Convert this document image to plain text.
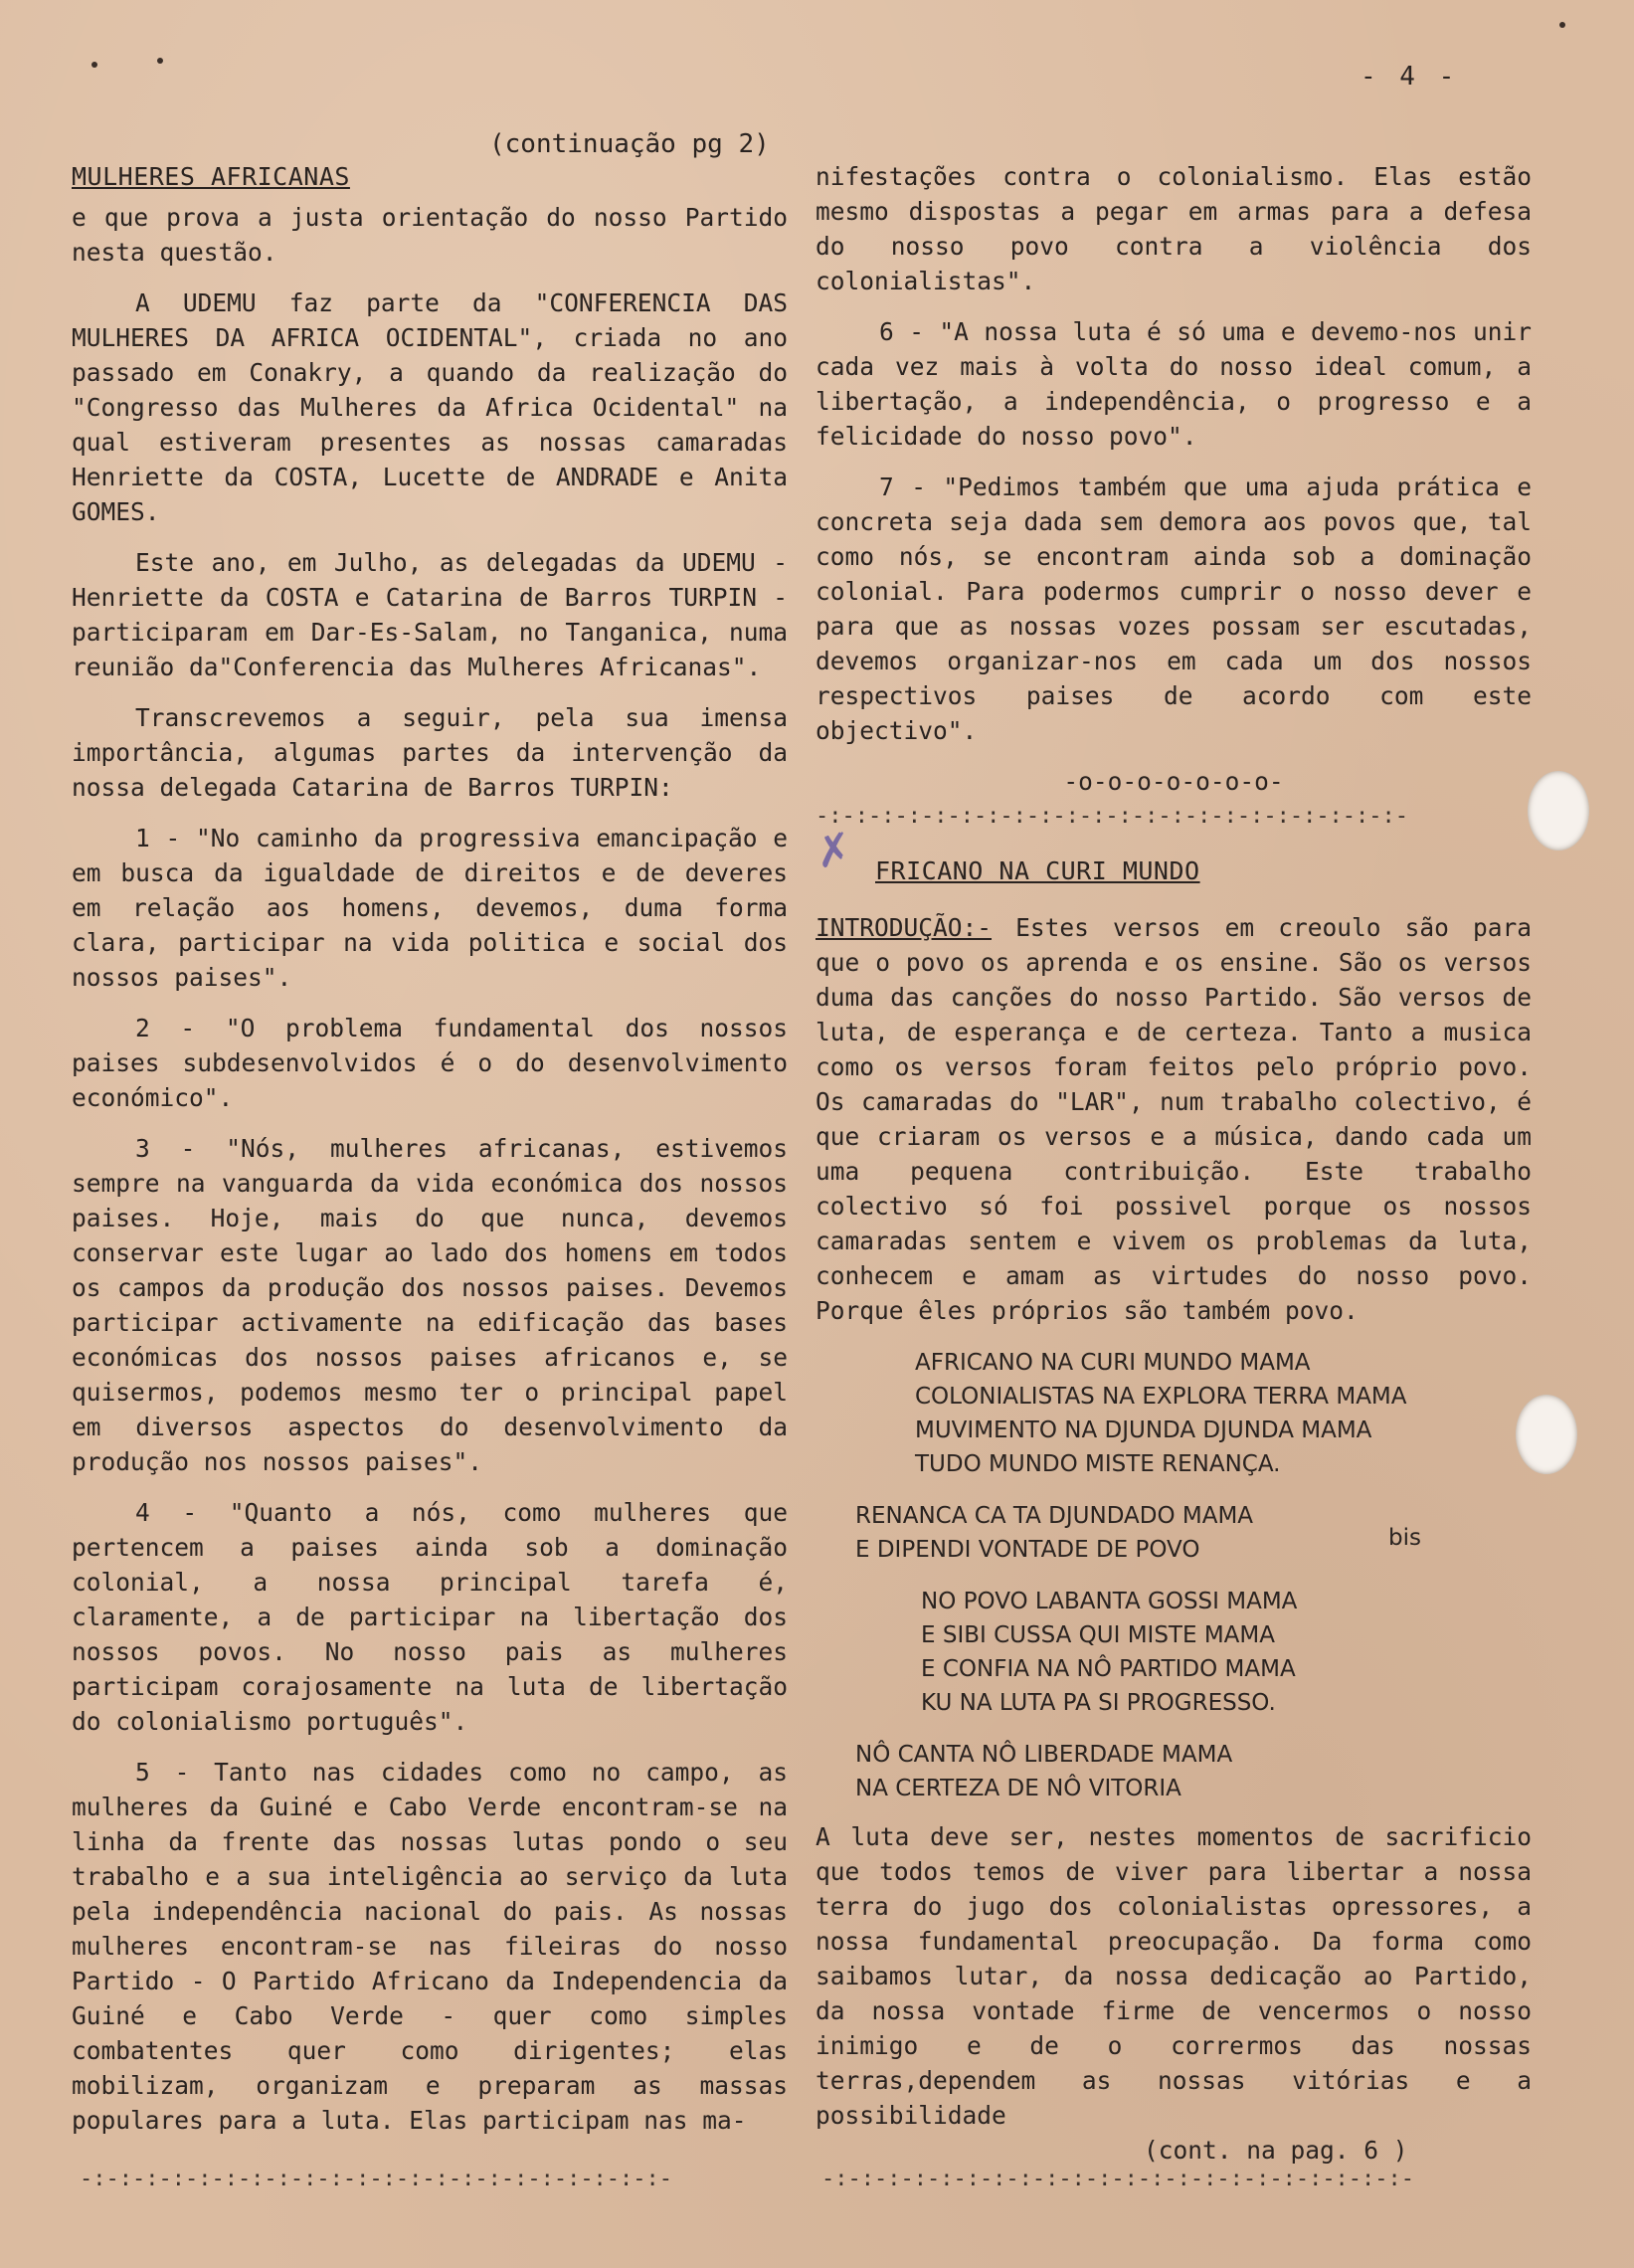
- 4 -
(continuação pg 2)
MULHERES AFRICANAS

e que prova a justa orientação do nosso Partido nesta questão.

A UDEMU faz parte da "CONFERENCIA DAS MULHERES DA AFRICA OCIDENTAL", criada no ano passado em Conakry, a quando da realização do "Congresso das Mulheres da Africa Ocidental" na qual estiveram presentes as nossas camaradas Henriette da COSTA, Lucette de ANDRADE e Anita GOMES.

Este ano, em Julho, as delegadas da UDEMU - Henriette da COSTA e Catarina de Barros TURPIN - participaram em Dar-Es-Salam, no Tanganica, numa reunião da"Conferencia das Mulheres Africanas".

Transcrevemos a seguir, pela sua imensa importância, algumas partes da intervenção da nossa delegada Catarina de Barros TURPIN:

1 - "No caminho da progressiva emancipação e em busca da igualdade de direitos e de deveres em relação aos homens, devemos, duma forma clara, participar na vida politica e social dos nossos paises".

2 - "O problema fundamental dos nossos paises subdesenvolvidos é o do desenvolvimento económico".

3 - "Nós, mulheres africanas, estivemos sempre na vanguarda da vida económica dos nossos paises. Hoje, mais do que nunca, devemos conservar este lugar ao lado dos homens em todos os campos da produção dos nossos paises. Devemos participar activamente na edificação das bases económicas dos nossos paises africanos e, se quisermos, podemos mesmo ter o principal papel em diversos aspectos do desenvolvimento da produção nos nossos paises".

4 - "Quanto a nós, como mulheres que pertencem a paises ainda sob a dominação colonial, a nossa principal tarefa é, claramente, a de participar na libertação dos nossos povos. No nosso pais as mulheres participam corajosamente na luta de libertação do colonialismo português".

5 - Tanto nas cidades como no campo, as mulheres da Guiné e Cabo Verde encontram-se na linha da frente das nossas lutas pondo o seu trabalho e a sua inteligência ao serviço da luta pela independência nacional do pais. As nossas mulheres encontram-se nas fileiras do nosso Partido - O Partido Africano da Independencia da Guiné e Cabo Verde - quer como simples combatentes quer como dirigentes; elas mobilizam, organizam e preparam as massas populares para a luta. Elas participam nas ma-

-:-:-:-:-:-:-:-:-:-:-:-:-:-:-:-:-:-:-:-:-:-:-

nifestações contra o colonialismo. Elas estão mesmo dispostas a pegar em armas para a defesa do nosso povo contra a violência dos colonialistas".

6 - "A nossa luta é só uma e devemo-nos unir cada vez mais à volta do nosso ideal comum, a libertação, a independência, o progresso e a felicidade do nosso povo".

7 - "Pedimos também que uma ajuda prática e concreta seja dada sem demora aos povos que, tal como nós, se encontram ainda sob a dominação colonial. Para podermos cumprir o nosso dever e para que as nossas vozes possam ser escutadas, devemos organizar-nos em cada um dos nossos respectivos paises de acordo com este objectivo".

-o-o-o-o-o-o-o-
-:-:-:-:-:-:-:-:-:-:-:-:-:-:-:-:-:-:-:-:-:-:-
FRICANO NA CURI MUNDO

INTRODUÇÃO:- Estes versos em creoulo são para que o povo os aprenda e os ensine. São os versos duma das canções do nosso Partido. São versos de luta, de esperança e de certeza. Tanto a musica como os versos foram feitos pelo próprio povo. Os camaradas do "LAR", num trabalho colectivo, é que criaram os versos e a música, dando cada um uma pequena contribuição. Este trabalho colectivo só foi possivel porque os nossos camaradas sentem e vivem os problemas da luta, conhecem e amam as virtudes do nosso povo. Porque êles próprios são também povo.

AFRICANO NA CURI MUNDO MAMA
COLONIALISTAS NA EXPLORA TERRA MAMA
MUVIMENTO NA DJUNDA DJUNDA MAMA
TUDO MUNDO MISTE RENANÇA.
RENANCA CA TA DJUNDADO MAMA
E DIPENDI VONTADE DE POVO
NO POVO LABANTA GOSSI MAMA
E SIBI CUSSA QUI MISTE MAMA
E CONFIA NA NÔ PARTIDO MAMA
KU NA LUTA PA SI PROGRESSO.
NÔ CANTA NÔ LIBERDADE MAMA
NA CERTEZA DE NÔ VITORIA

A luta deve ser, nestes momentos de sacrificio que todos temos de viver para libertar a nossa terra do jugo dos colonialistas opressores, a nossa fundamental preocupação. Da forma como saibamos lutar, da nossa dedicação ao Partido, da nossa vontade firme de vencermos o nosso inimigo e de o corrermos das nossas terras,dependem as nossas vitórias e a possibilidade

(cont. na pag. 6 )
bis
✗
-:-:-:-:-:-:-:-:-:-:-:-:-:-:-:-:-:-:-:-:-:-:-
